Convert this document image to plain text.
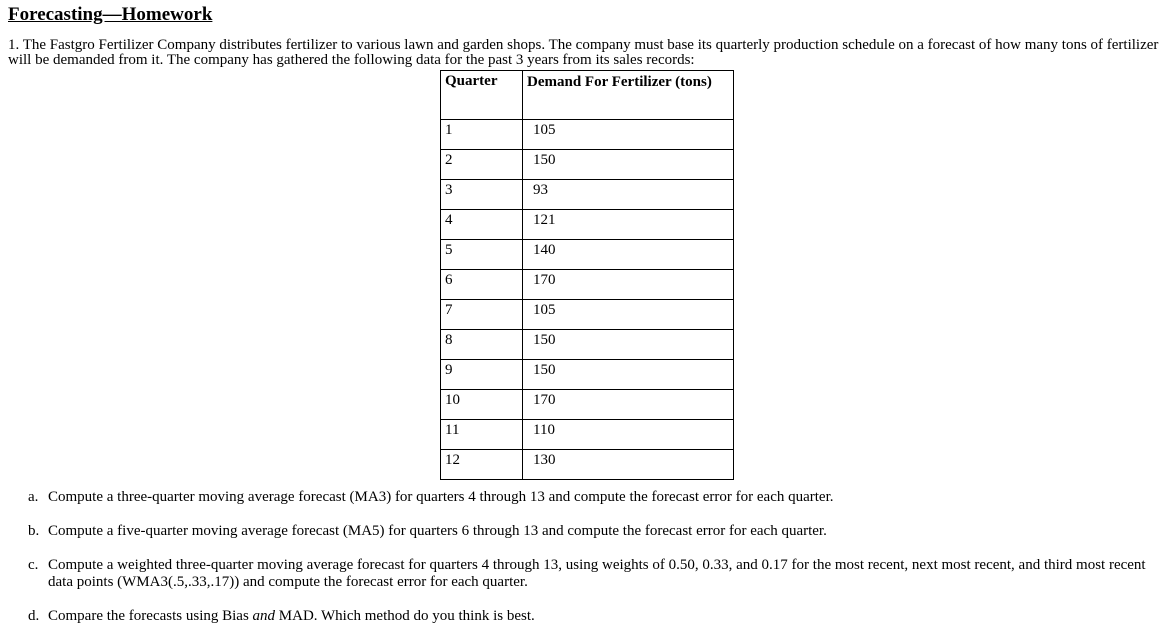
Forecasting—Homework
1. The Fastgro Fertilizer Company distributes fertilizer to various lawn and garden shops. The company must base its quarterly production schedule on a forecast of how many tons of fertilizer will be demanded from it. The company has gathered the following data for the past 3 years from its sales records:
Quarter	Demand For Fertilizer (tons)
1	105
2	150
3	93
4	121
5	140
6	170
7	105
8	150
9	150
10	170
11	110
12	130
a. Compute a three-quarter moving average forecast (MA3) for quarters 4 through 13 and compute the forecast error for each quarter.
b. Compute a five-quarter moving average forecast (MA5) for quarters 6 through 13 and compute the forecast error for each quarter.
c. Compute a weighted three-quarter moving average forecast for quarters 4 through 13, using weights of 0.50, 0.33, and 0.17 for the most recent, next most recent, and third most recent data points (WMA3(.5,.33,.17)) and compute the forecast error for each quarter.
d. Compare the forecasts using Bias and MAD. Which method do you think is best.
